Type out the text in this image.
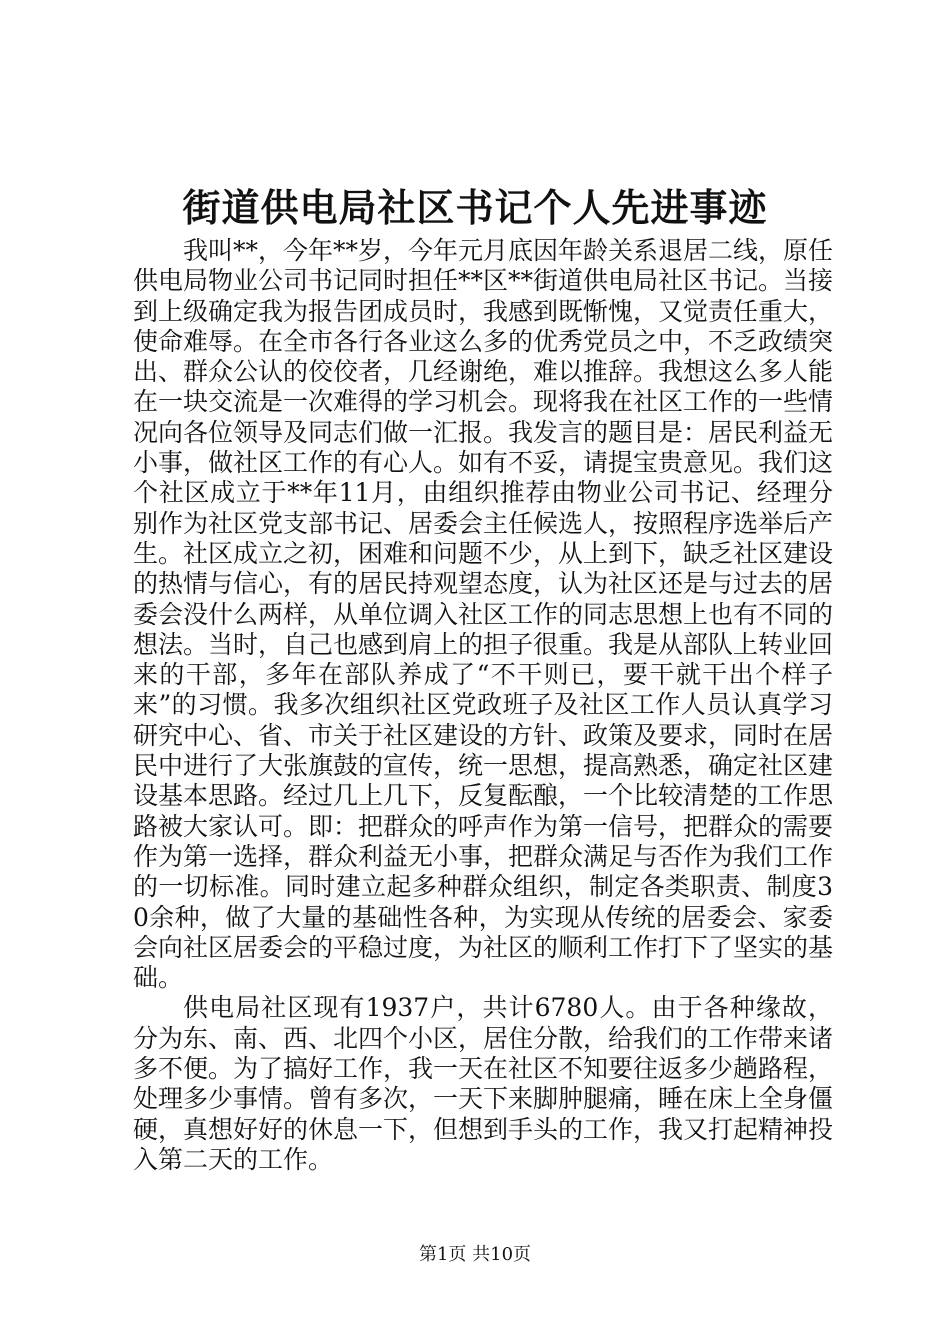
街道供电局社区书记个人先进事迹

我叫**，今年**岁，今年元月底因年龄关系退居二线，原任供电局物业公司书记同时担任**区**街道供电局社区书记。当接到上级确定我为报告团成员时，我感到既惭愧，又觉责任重大，使命难辱。在全市各行各业这么多的优秀党员之中，不乏政绩突出、群众公认的佼佼者，几经谢绝，难以推辞。我想这么多人能在一块交流是一次难得的学习机会。现将我在社区工作的一些情况向各位领导及同志们做一汇报。我发言的题目是：居民利益无小事，做社区工作的有心人。如有不妥，请提宝贵意见。我们这个社区成立于**年11月，由组织推荐由物业公司书记、经理分别作为社区党支部书记、居委会主任候选人，按照程序选举后产生。社区成立之初，困难和问题不少，从上到下，缺乏社区建设的热情与信心，有的居民持观望态度，认为社区还是与过去的居委会没什么两样，从单位调入社区工作的同志思想上也有不同的想法。当时，自己也感到肩上的担子很重。我是从部队上转业回来的干部，多年在部队养成了“不干则已，要干就干出个样子来”的习惯。我多次组织社区党政班子及社区工作人员认真学习研究中心、省、市关于社区建设的方针、政策及要求，同时在居民中进行了大张旗鼓的宣传，统一思想，提高熟悉，确定社区建设基本思路。经过几上几下，反复酝酿，一个比较清楚的工作思路被大家认可。即：把群众的呼声作为第一信号，把群众的需要作为第一选择，群众利益无小事，把群众满足与否作为我们工作的一切标准。同时建立起多种群众组织，制定各类职责、制度30余种，做了大量的基础性各种，为实现从传统的居委会、家委会向社区居委会的平稳过度，为社区的顺利工作打下了坚实的基础。

供电局社区现有1937户，共计6780人。由于各种缘故，分为东、南、西、北四个小区，居住分散，给我们的工作带来诸多不便。为了搞好工作，我一天在社区不知要往返多少趟路程，处理多少事情。曾有多次，一天下来脚肿腿痛，睡在床上全身僵硬，真想好好的休息一下，但想到手头的工作，我又打起精神投入第二天的工作。

第1页 共10页
